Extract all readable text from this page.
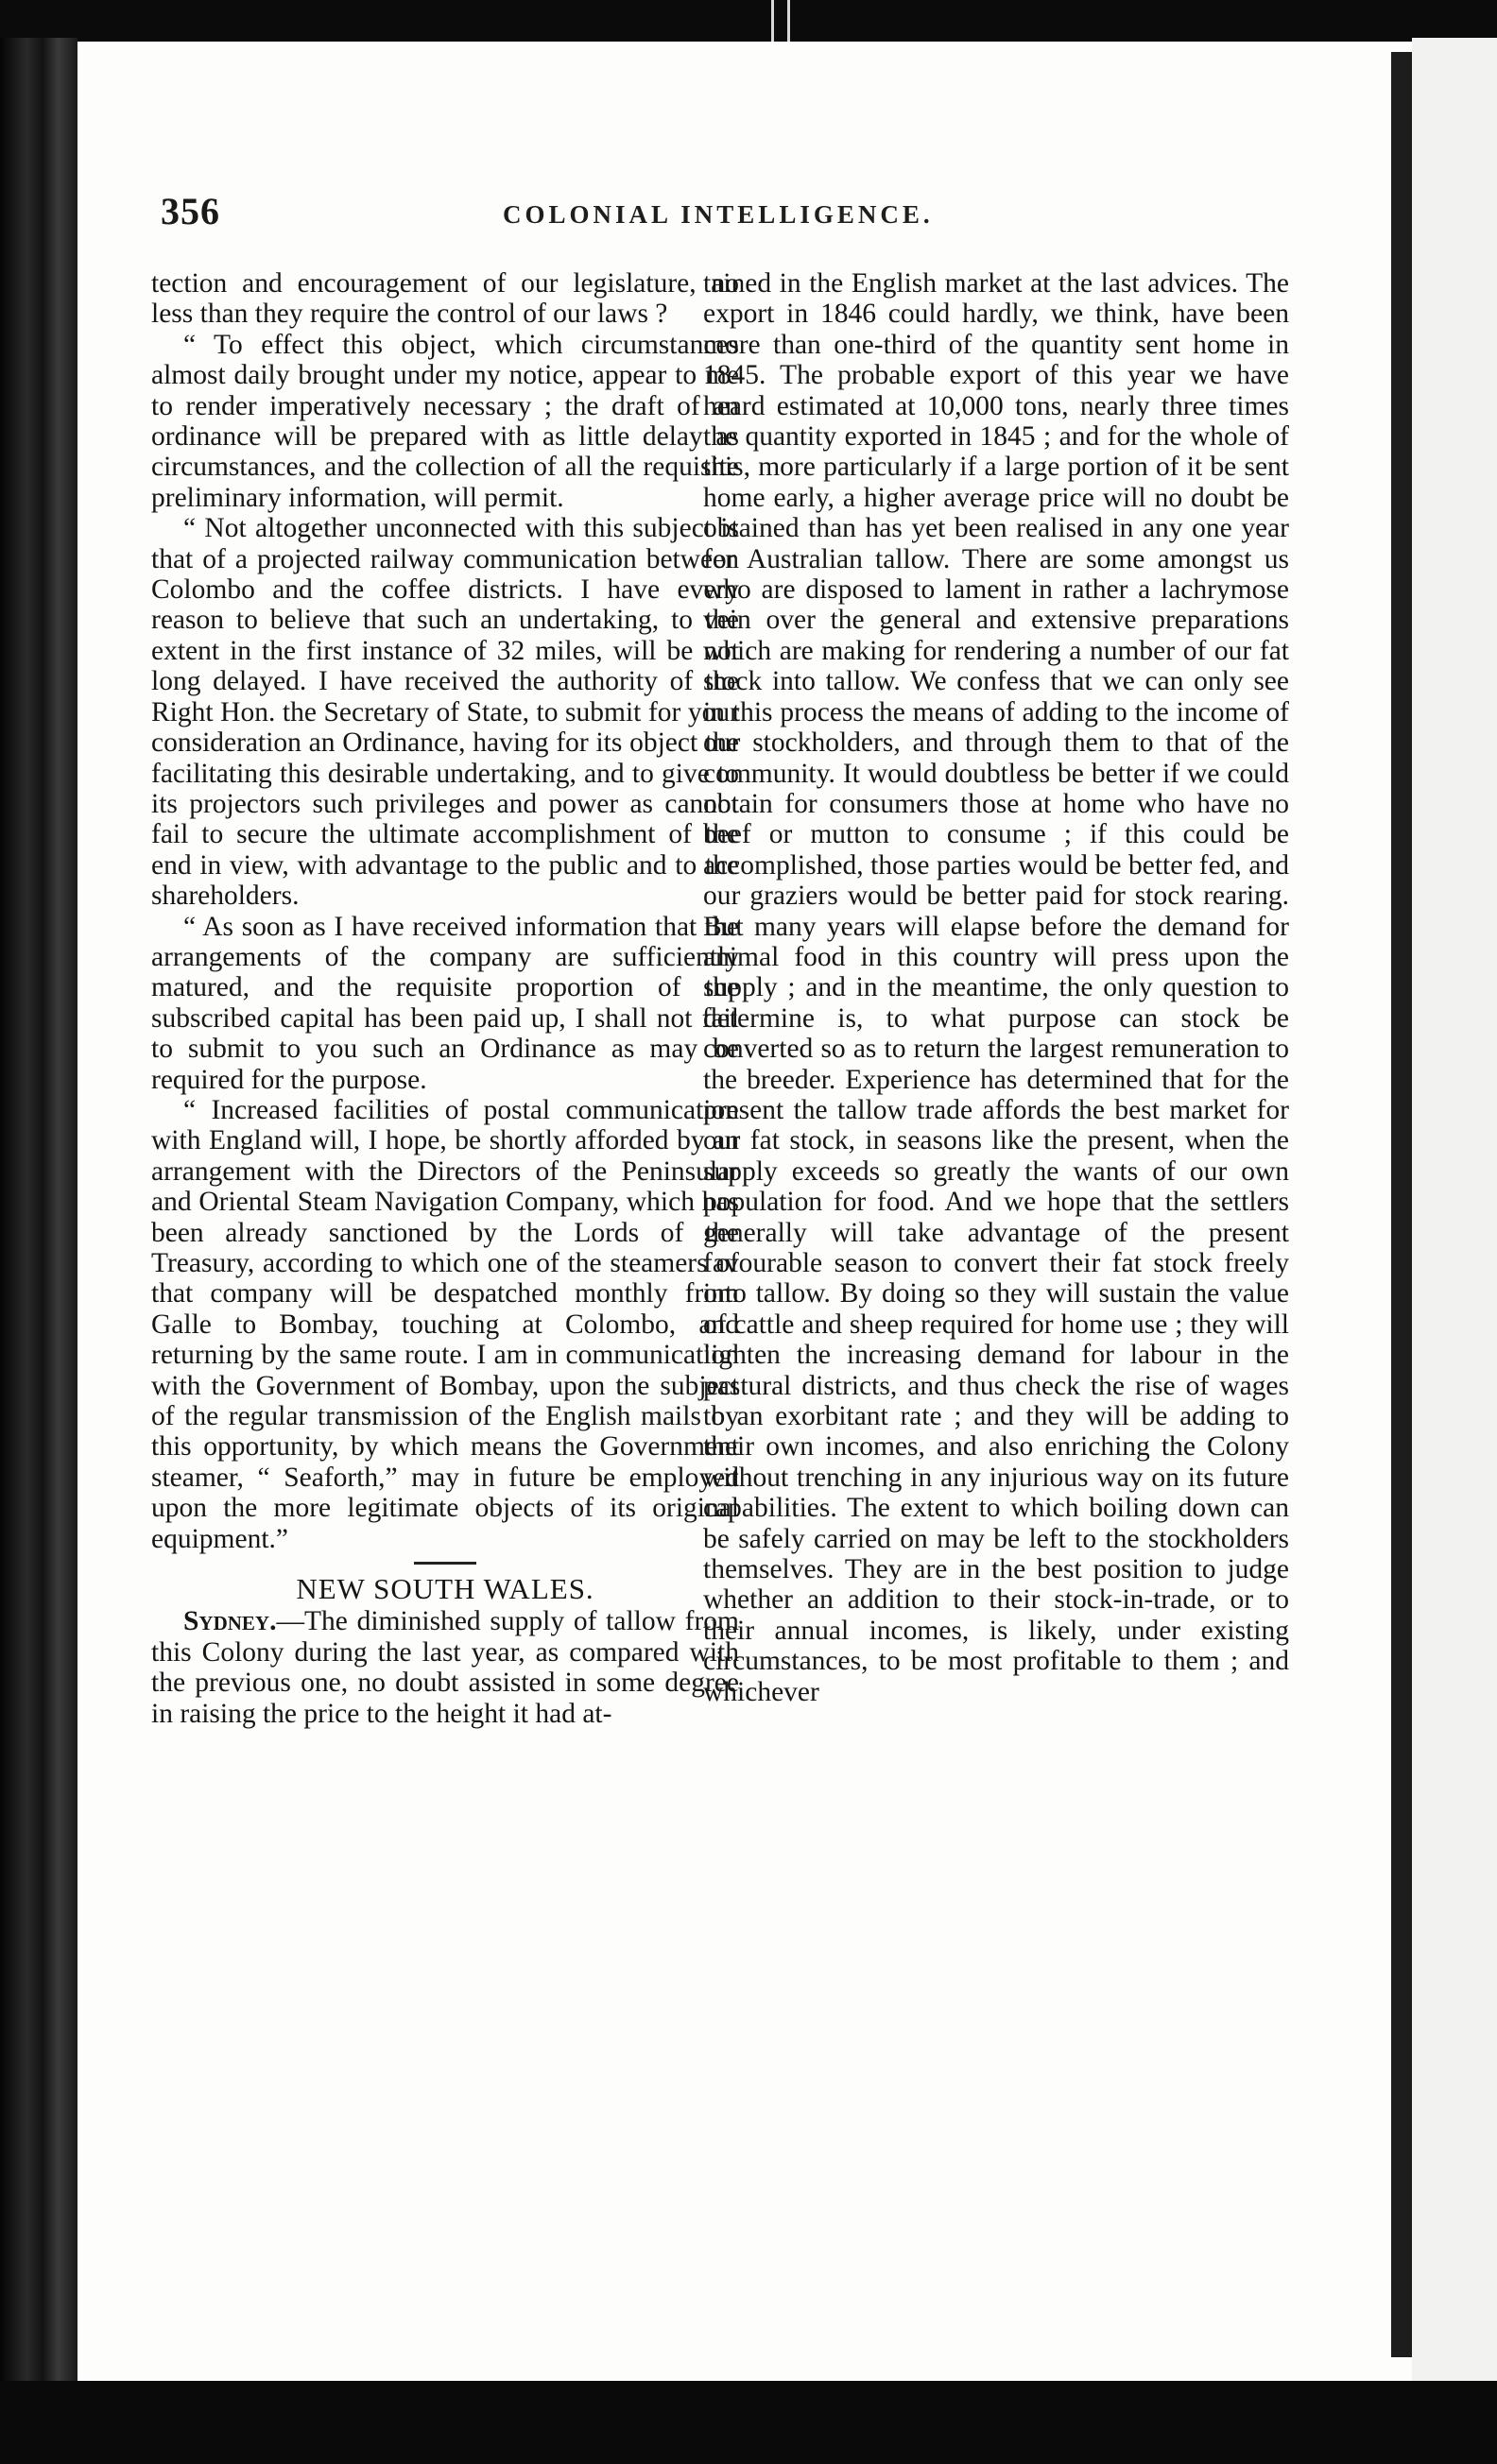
356	COLONIAL INTELLIGENCE.

tection and encouragement of our legislature, no less than they require the control of our laws ?

“ To effect this object, which circumstances almost daily brought under my notice, appear to me to render imperatively necessary ; the draft of an ordinance will be prepared with as little delay as circumstances, and the collection of all the requisite preliminary information, will permit.

“ Not altogether unconnected with this subject is that of a projected railway communication between Colombo and the coffee districts. I have every reason to believe that such an undertaking, to the extent in the first instance of 32 miles, will be not long delayed. I have received the authority of the Right Hon. the Secretary of State, to submit for your consideration an Ordinance, having for its object the facilitating this desirable undertaking, and to give to its projectors such privileges and power as cannot fail to secure the ultimate accomplishment of the end in view, with advantage to the public and to the shareholders.

“ As soon as I have received information that the arrangements of the company are sufficiently matured, and the requisite proportion of the subscribed capital has been paid up, I shall not fail to submit to you such an Ordinance as may be required for the purpose.

“ Increased facilities of postal communication with England will, I hope, be shortly afforded by an arrangement with the Directors of the Peninsular and Oriental Steam Navigation Company, which has been already sanctioned by the Lords of the Treasury, according to which one of the steamers of that company will be despatched monthly from Galle to Bombay, touching at Colombo, and returning by the same route. I am in communication with the Government of Bombay, upon the subject of the regular transmission of the English mails by this opportunity, by which means the Government steamer, “ Seaforth,” may in future be employed upon the more legitimate objects of its original equipment.”

NEW SOUTH WALES.

Sydney.—The diminished supply of tallow from this Colony during the last year, as compared with the previous one, no doubt assisted in some degree in raising the price to the height it had at-

tained in the English market at the last advices. The export in 1846 could hardly, we think, have been more than one-third of the quantity sent home in 1845. The probable export of this year we have heard estimated at 10,000 tons, nearly three times the quantity exported in 1845 ; and for the whole of this, more particularly if a large portion of it be sent home early, a higher average price will no doubt be obtained than has yet been realised in any one year for Australian tallow. There are some amongst us who are disposed to lament in rather a lachrymose vein over the general and extensive preparations which are making for rendering a number of our fat stock into tallow. We confess that we can only see in this process the means of adding to the income of our stockholders, and through them to that of the community. It would doubtless be better if we could obtain for consumers those at home who have no beef or mutton to consume ; if this could be accomplished, those parties would be better fed, and our graziers would be better paid for stock rearing. But many years will elapse before the demand for animal food in this country will press upon the supply ; and in the meantime, the only question to determine is, to what purpose can stock be converted so as to return the largest remuneration to the breeder. Experience has determined that for the present the tallow trade affords the best market for our fat stock, in seasons like the present, when the supply exceeds so greatly the wants of our own population for food. And we hope that the settlers generally will take advantage of the present favourable season to convert their fat stock freely into tallow. By doing so they will sustain the value of cattle and sheep required for home use ; they will lighten the increasing demand for labour in the pastural districts, and thus check the rise of wages to an exorbitant rate ; and they will be adding to their own incomes, and also enriching the Colony without trenching in any injurious way on its future capabilities. The extent to which boiling down can be safely carried on may be left to the stockholders themselves. They are in the best position to judge whether an addition to their stock-in-trade, or to their annual incomes, is likely, under existing circumstances, to be most profitable to them ; and whichever
